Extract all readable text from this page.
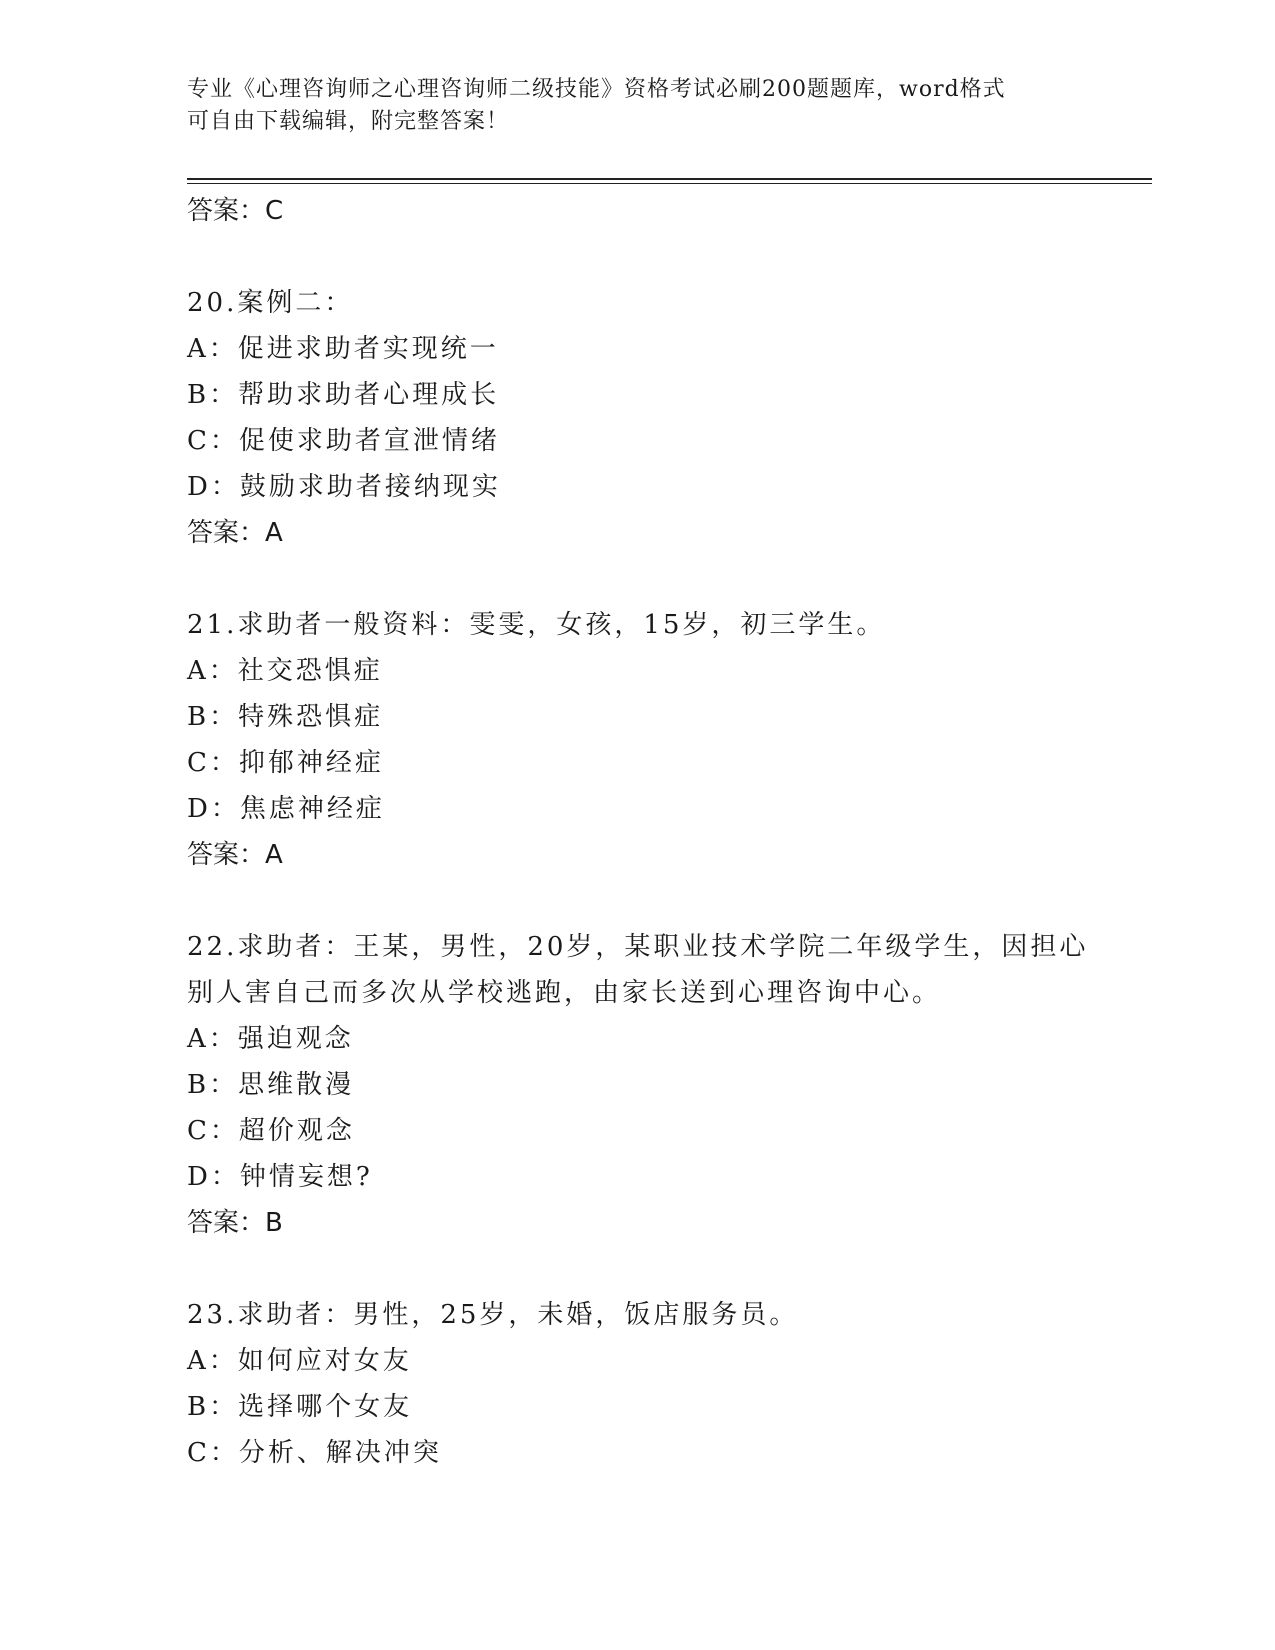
专业《心理咨询师之心理咨询师二级技能》资格考试必刷200题题库，word格式
可自由下载编辑，附完整答案！
答案：C
20.案例二：
A：促进求助者实现统一
B：帮助求助者心理成长
C：促使求助者宣泄情绪
D：鼓励求助者接纳现实
答案：A
21.求助者一般资料：雯雯，女孩，15岁，初三学生。
A：社交恐惧症
B：特殊恐惧症
C：抑郁神经症
D：焦虑神经症
答案：A
22.求助者：王某，男性，20岁，某职业技术学院二年级学生，因担心
别人害自己而多次从学校逃跑，由家长送到心理咨询中心。
A：强迫观念
B：思维散漫
C：超价观念
D：钟情妄想?
答案：B
23.求助者：男性，25岁，未婚，饭店服务员。
A：如何应对女友
B：选择哪个女友
C：分析、解决冲突
